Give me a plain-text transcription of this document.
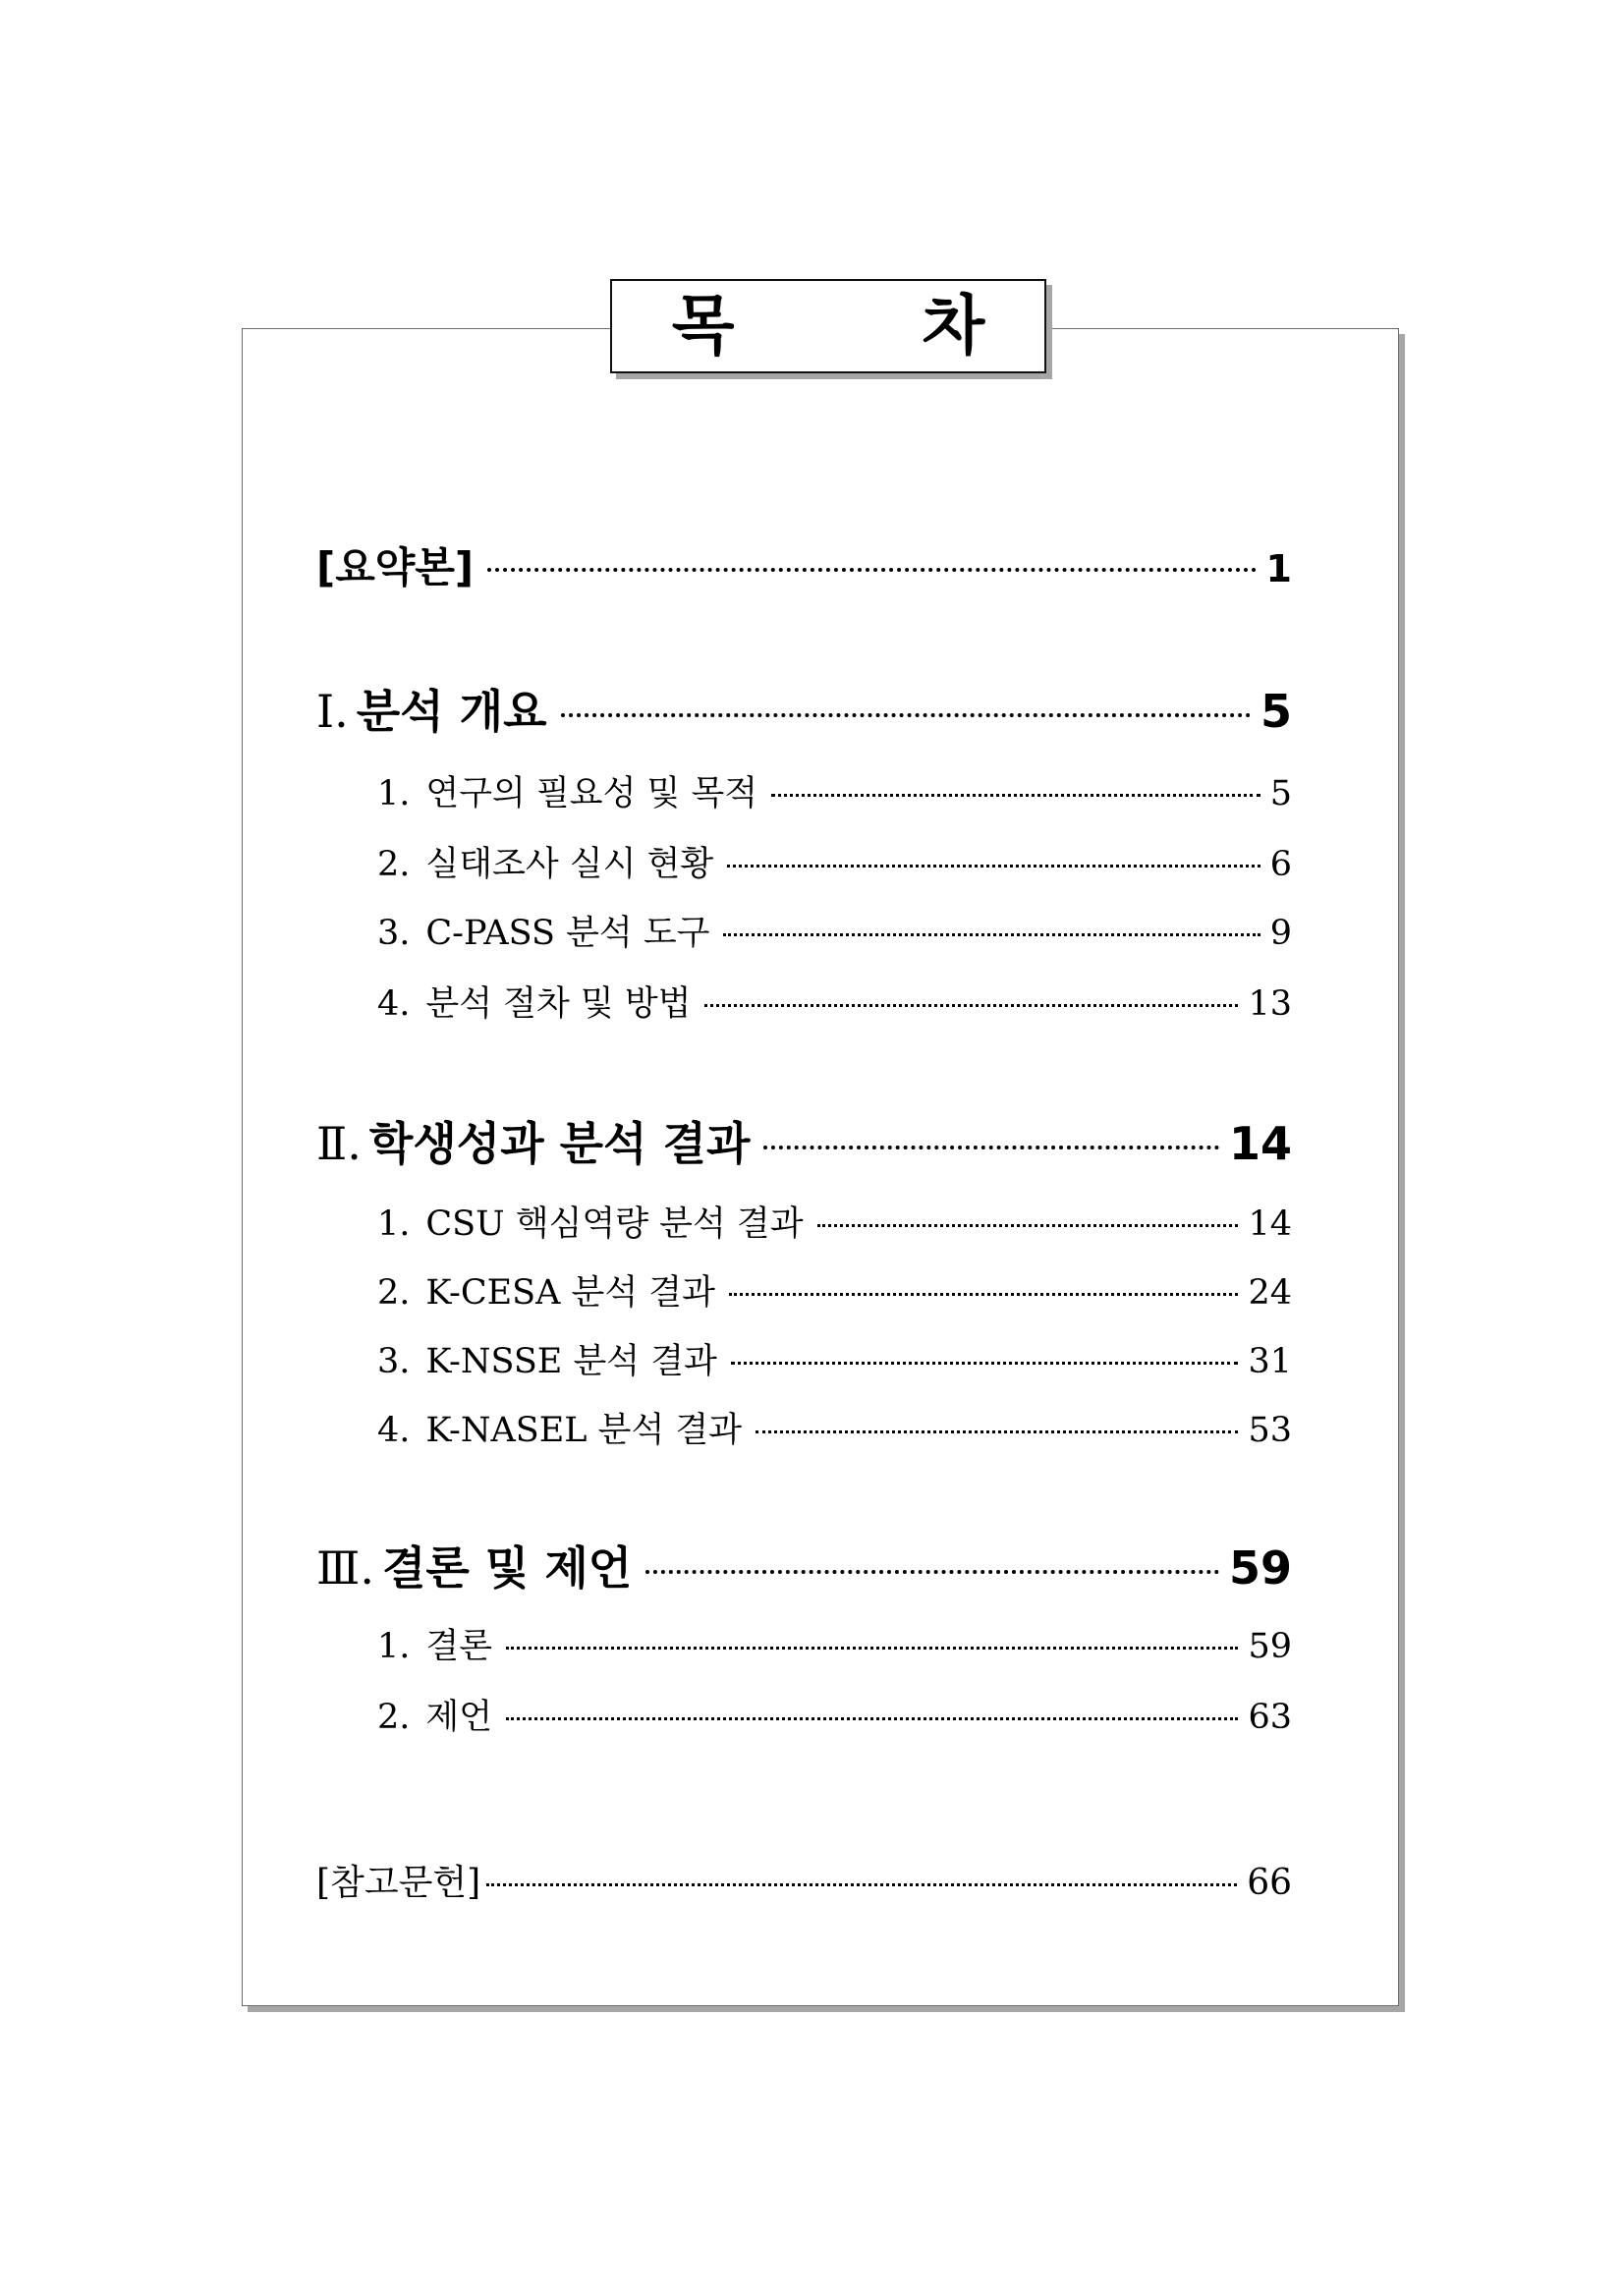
목 차
[요약본]	1
Ⅰ. 분석 개요	5
1. 연구의 필요성 및 목적	5
2. 실태조사 실시 현황	6
3. C-PASS 분석 도구	9
4. 분석 절차 및 방법	13
Ⅱ. 학생성과 분석 결과	14
1. CSU 핵심역량 분석 결과	14
2. K-CESA 분석 결과	24
3. K-NSSE 분석 결과	31
4. K-NASEL 분석 결과	53
Ⅲ. 결론 및 제언	59
1. 결론	59
2. 제언	63
[참고문헌]	66
